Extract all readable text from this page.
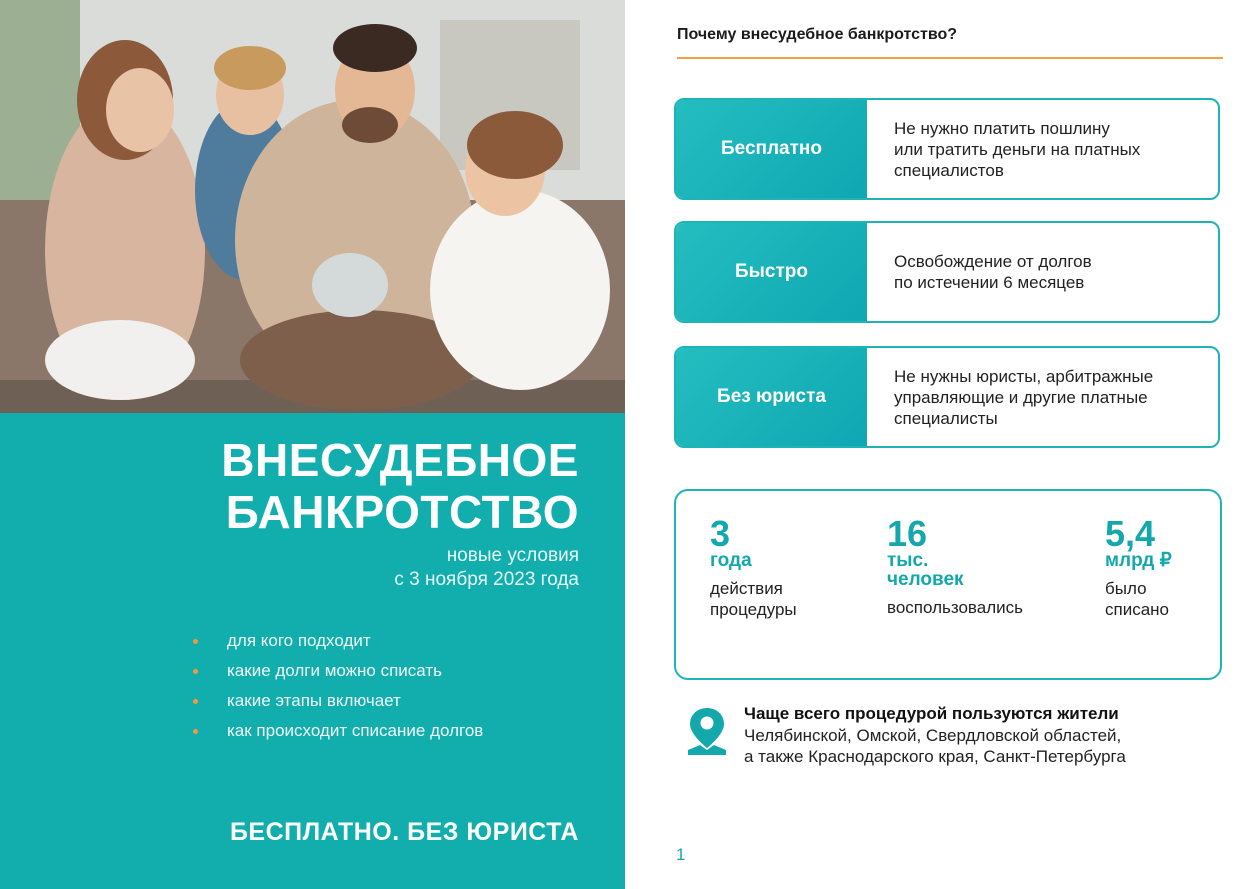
ВНЕСУДЕБНОЕ
БАНКРОТСТВО
новые условия
с 3 ноября 2023 года
для кого подходит
какие долги можно списать
какие этапы включает
как происходит списание долгов
БЕСПЛАТНО. БЕЗ ЮРИСТА
Почему внесудебное банкротство?
Бесплатно
Не нужно платить пошлину
или тратить деньги на платных
специалистов
Быстро	Освобождение от долгов
по истечении 6 месяцев
Без юриста
Не нужны юристы, арбитражные
управляющие и другие платные
специалисты
3
года
действия
процедуры
16
тыс.
человек
воспользовались
5,4
млрд ₽
было
списано
Чаще всего процедурой пользуются жители
Челябинской, Омской, Свердловской областей,
а также Краснодарского края, Санкт-Петербурга
1
